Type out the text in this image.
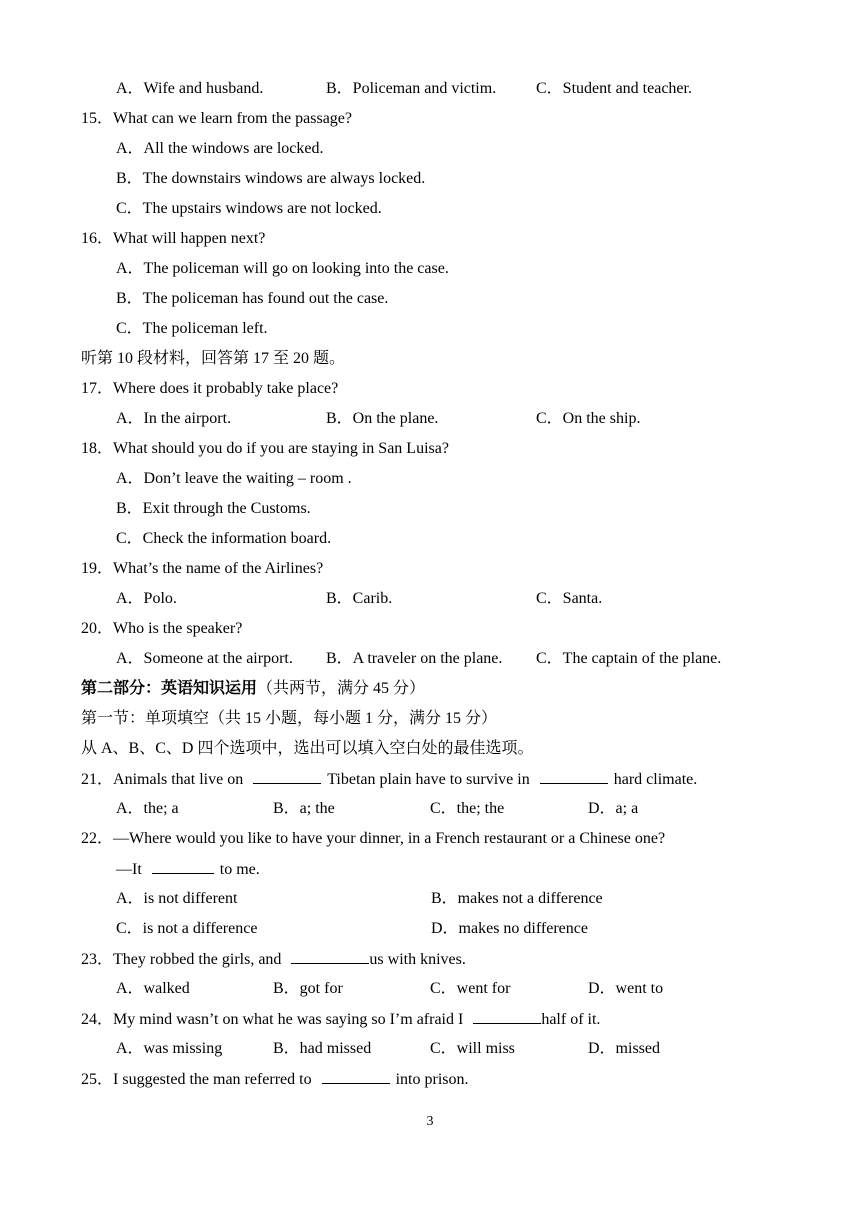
A．Wife and husband.	B．Policeman and victim. C．Student and teacher.
15．What can we learn from the passage?
A．All the windows are locked.
B．The downstairs windows are always locked.
C．The upstairs windows are not locked.
16．What will happen next?
A．The policeman will go on looking into the case.
B．The policeman has found out the case.
C．The policeman left.
听第 10 段材料，回答第 17 至 20 题。
17．Where does it probably take place?
A．In the airport.	B．On the plane.	C．On the ship.
18．What should you do if you are staying in San Luisa?
A．Don’t leave the waiting – room .
B．Exit through the Customs.
C．Check the information board.
19．What’s the name of the Airlines?
A．Polo.	B．Carib.	C．Santa.
20．Who is the speaker?
A．Someone at the airport. B．A traveler on the plane. C．The captain of the plane.
第二部分：英语知识运用（共两节，满分 45 分）
第一节：单项填空（共 15 小题，每小题 1 分，满分 15 分）
从 A、B、C、D 四个选项中，选出可以填入空白处的最佳选项。
21．Animals that live on	Tibetan plain have to survive in	hard climate.
A．the; a	B．a; the	C．the; the	D．a; a
22．—Where would you like to have your dinner, in a French restaurant or a Chinese one?
—It	to me.
A．is not different	B．makes not a difference
C．is not a difference	D．makes no difference
23．They robbed the girls, and	us with knives.
A．walked	B．got for	C．went for	D．went to
24．My mind wasn’t on what he was saying so I’m afraid I	half of it.
A．was missing	B．had missed	C．will miss	D．missed
25．I suggested the man referred to	into prison.
3
